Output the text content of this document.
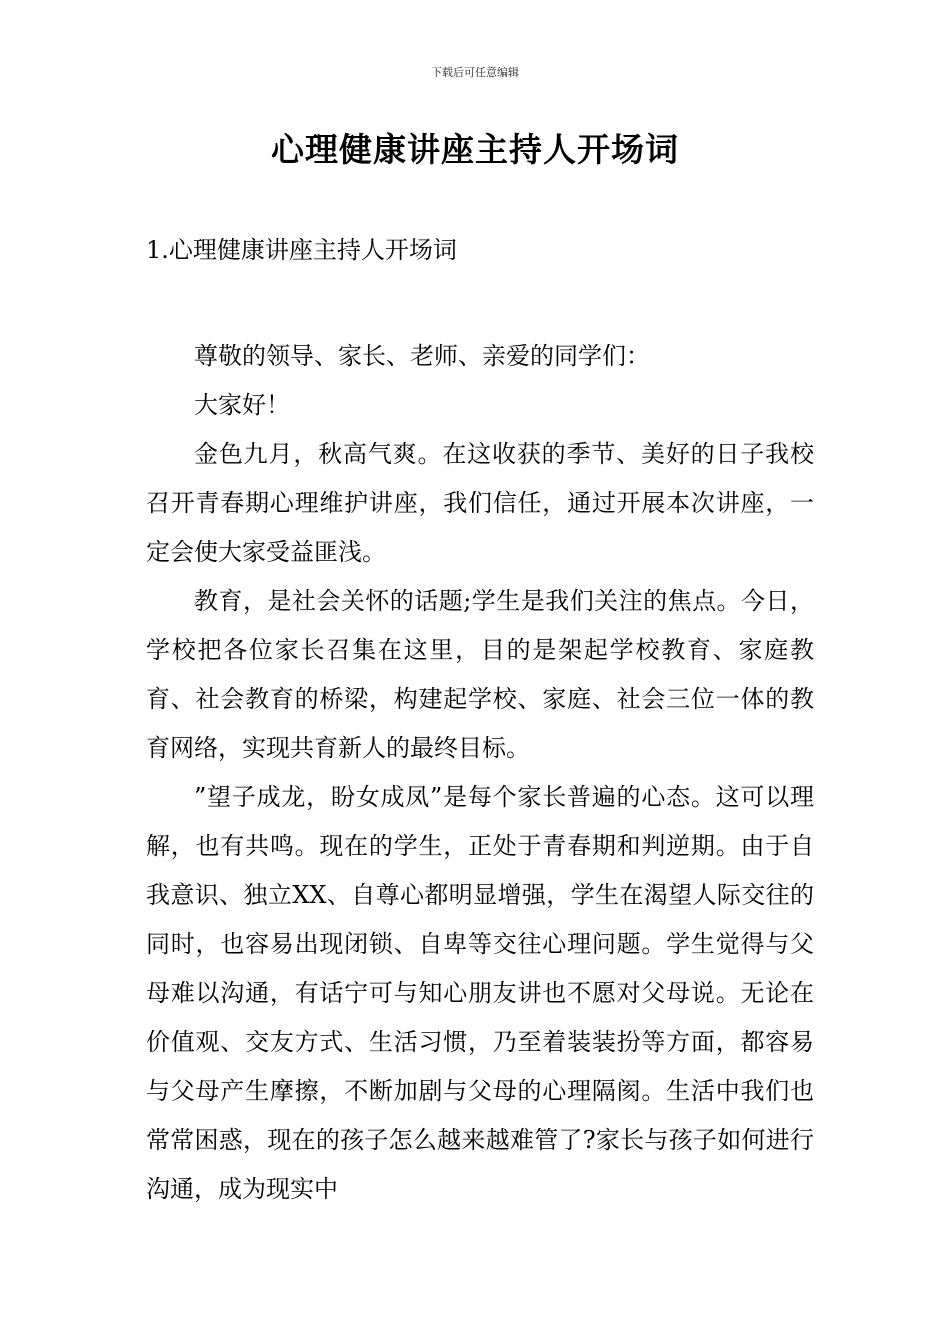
下载后可任意编辑
心理健康讲座主持人开场词
1.心理健康讲座主持人开场词

尊敬的领导、家长、老师、亲爱的同学们：

大家好！

金色九月，秋高气爽。在这收获的季节、美好的日子我校召开青春期心理维护讲座，我们信任，通过开展本次讲座，一定会使大家受益匪浅。

教育，是社会关怀的话题;学生是我们关注的焦点。今日，学校把各位家长召集在这里，目的是架起学校教育、家庭教育、社会教育的桥梁，构建起学校、家庭、社会三位一体的教育网络，实现共育新人的最终目标。

”望子成龙，盼女成凤”是每个家长普遍的心态。这可以理解，也有共鸣。现在的学生，正处于青春期和判逆期。由于自我意识、独立XX、自尊心都明显增强，学生在渴望人际交往的同时，也容易出现闭锁、自卑等交往心理问题。学生觉得与父母难以沟通，有话宁可与知心朋友讲也不愿对父母说。无论在价值观、交友方式、生活习惯，乃至着装装扮等方面，都容易与父母产生摩擦，不断加剧与父母的心理隔阂。生活中我们也常常困惑，现在的孩子怎么越来越难管了?家长与孩子如何进行沟通，成为现实中
